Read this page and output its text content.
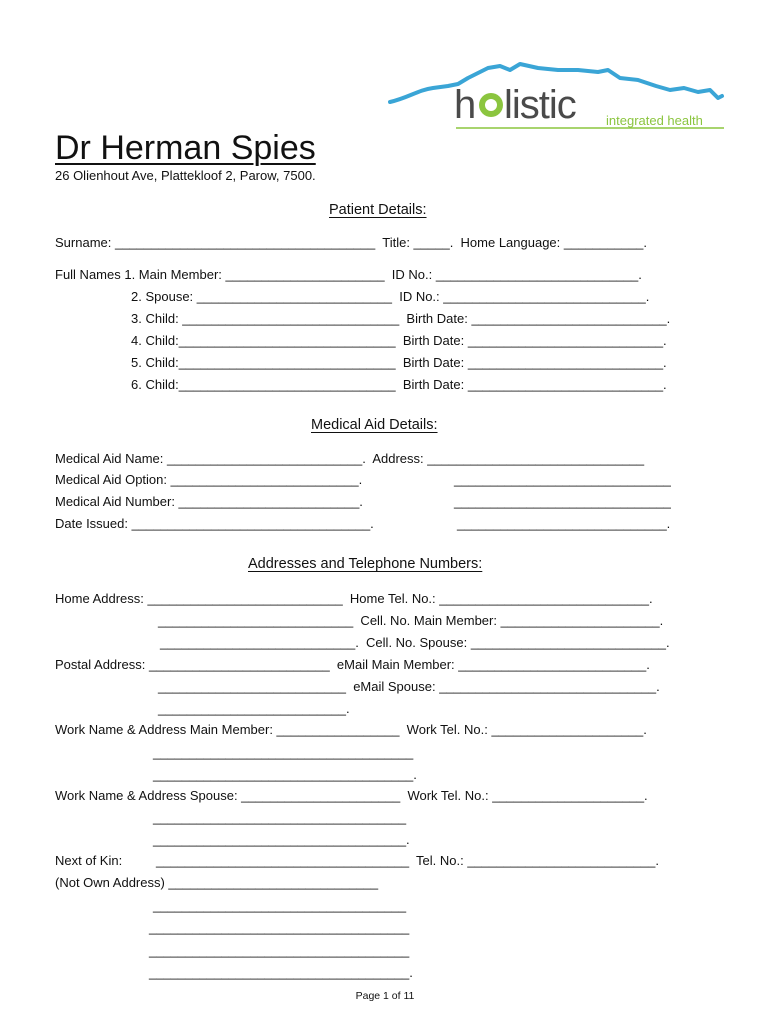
h listic integrated health
Dr Herman Spies
26 Olienhout Ave, Plattekloof 2, Parow, 7500.
Patient Details:
Surname: ____________________________________  Title: _____.  Home Language: ___________.
Full Names 1. Main Member: ______________________  ID No.: ____________________________.
2. Spouse: ___________________________  ID No.: ____________________________.
3. Child: ______________________________  Birth Date: ___________________________.
4. Child:______________________________  Birth Date: ___________________________.
5. Child:______________________________  Birth Date: ___________________________.
6. Child:______________________________  Birth Date: ___________________________.
Medical Aid Details:
Medical Aid Name: ___________________________.  Address: ______________________________
Medical Aid Option: __________________________.	______________________________
Medical Aid Number: _________________________.	______________________________
Date Issued: _________________________________.	_____________________________.
Addresses and Telephone Numbers:
Home Address: ___________________________  Home Tel. No.: _____________________________.
___________________________  Cell. No. Main Member: ______________________.
___________________________.  Cell. No. Spouse: ___________________________.
Postal Address: _________________________  eMail Main Member: __________________________.
__________________________  eMail Spouse: ______________________________.
__________________________.
Work Name & Address Main Member: _________________  Work Tel. No.: _____________________.
____________________________________
____________________________________.
Work Name & Address Spouse: ______________________  Work Tel. No.: _____________________.
___________________________________
___________________________________.
Next of Kin:	___________________________________  Tel. No.: __________________________.
(Not Own Address) _____________________________
___________________________________
____________________________________
____________________________________
____________________________________.
Page 1 of 11
